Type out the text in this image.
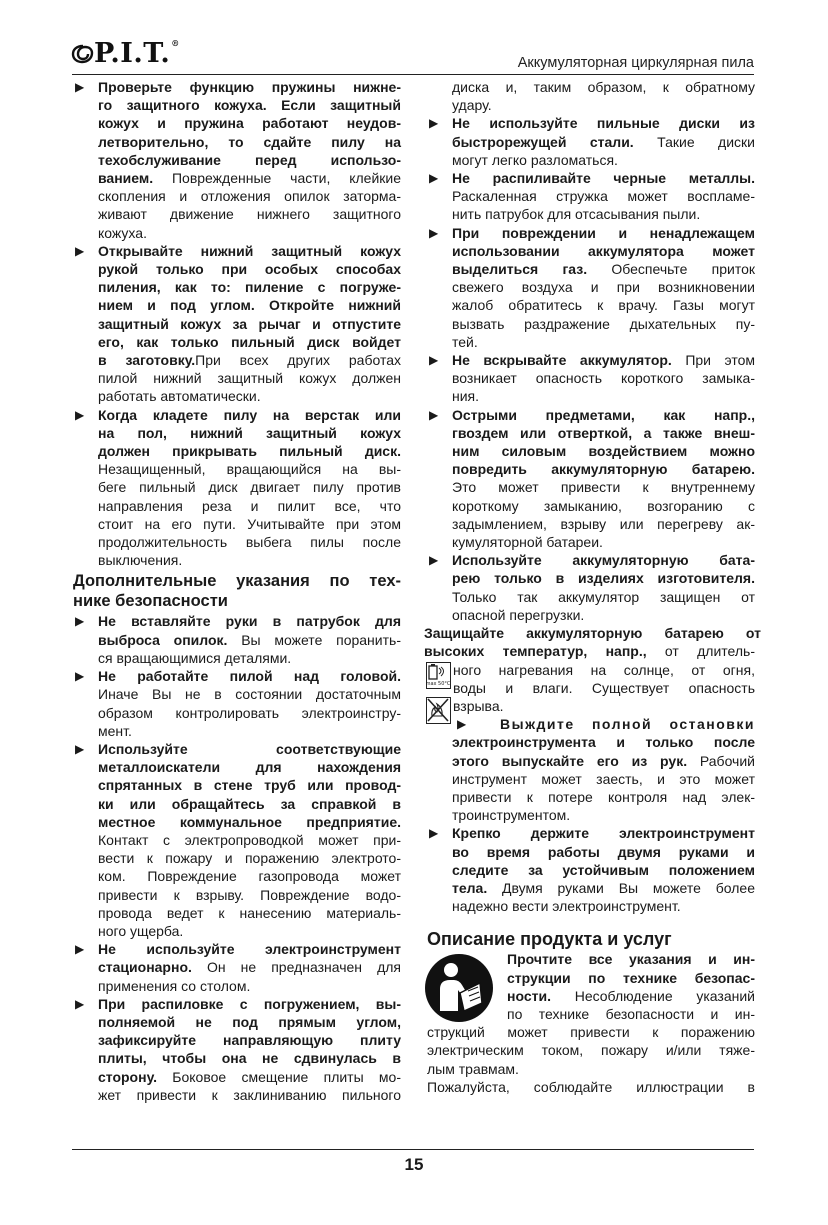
P.I.T.®
Аккумуляторная циркулярная пила
▶ Проверьте функцию пружины нижне-
го защитного кожуха. Если защитный
кожух и пружина работают неудов-
летворительно, то сдайте пилу на
техобслуживание перед использо-
ванием. Поврежденные части, клейкие
скопления и отложения опилок затормa-
живают движение нижнего защитного
кожуха.
▶ Открывайте нижний защитный кожух
рукой только при особых способах
пиления, как то: пиление с погруже-
нием и под углом. Откройте нижний
защитный кожух за рычаг и отпустите
его, как только пильный диск войдет
в заготовку.При всех других работах
пилой нижний защитный кожух должен
работать автоматически.
▶ Когда кладете пилу на верстак или
на пол, нижний защитный кожух
должен прикрывать пильный диск.
Незащищенный, вращающийся на вы-
беге пильный диск двигает пилу против
направления реза и пилит все, что
стоит на его пути. Учитывайте при этом
продолжительность выбега пилы после
выключения.
Дополнительные указания по тех-
нике безопасности
▶ Не вставляйте руки в патрубок для
выброса опилок. Вы можете поранить-
ся вращающимися деталями.
▶ Не работайте пилой над головой.
Иначе Вы не в состоянии достаточным
образом контролировать электроинстру-
мент.
▶ Используйте соответствующие
металлоискатели для нахождения
спрятанных в стене труб или провод-
ки или обращайтесь за справкой в
местное коммунальное предприятие.
Контакт с электропроводкой может при-
вести к пожару и поражению электрото-
ком. Повреждение газопровода может
привести к взрыву. Повреждение водо-
провода ведет к нанесению материаль-
ного ущерба.
▶ Не используйте электроинструмент
стационарно. Он не предназначен для
применения со столом.
▶ При распиловке с погружением, вы-
полняемой не под прямым углом,
зафиксируйте направляющую плиту
плиты, чтобы она не сдвинулась в
сторону. Боковое смещение плиты мо-
жет привести к заклиниванию пильного
диска и, таким образом, к обратному
удару.
▶ Не используйте пильные диски из
быстрорежущей стали. Такие диски
могут легко разломаться.
▶ Не распиливайте черные металлы.
Раскаленная стружка может воспламе-
нить патрубок для отсасывания пыли.
▶ При повреждении и ненадлежащем
использовании аккумулятора может
выделиться газ. Обеспечьте приток
свежего воздуха и при возникновении
жалоб обратитесь к врачу. Газы могут
вызвать раздражение дыхательных пу-
тей.
▶ Не вскрывайте аккумулятор. При этом
возникает опасность короткого замыка-
ния.
▶ Острыми предметами, как напр.,
гвоздем или отверткой, а также внеш-
ним силовым воздействием можно
повредить аккумуляторную батарею.
Это может привести к внутреннему
короткому замыканию, возгоранию с
задымлением, взрыву или перегреву ак-
кумуляторной батареи.
▶ Используйте аккумуляторную бата-
рею только в изделиях изготовителя.
Только так аккумулятор защищен от
опасной перегрузки.
Защищайте аккумуляторную батарею от
высоких температур, напр., от длитель-
ного нагревания на солнце, от огня,
воды и влаги. Существует опасность
взрыва.
max 50°C
▶	Выждите полной остановки
электроинструмента и только после
этого выпускайте его из рук. Рабочий
инструмент может заесть, и это может
привести к потере контроля над элек-
троинструментом.
▶ Крепко держите электроинструмент
во время работы двумя руками и
следите за устойчивым положением
тела. Двумя руками Вы можете более
надежно вести электроинструмент.
Описание продукта и услуг
Прочтите все указания и ин-
струкции по технике безопас-
ности. Несоблюдение указаний
по технике безопасности и ин-
струкций может привести к поражению
электрическим током, пожару и/или тяже-
лым травмам.
Пожалуйста, соблюдайте иллюстрации в
15
